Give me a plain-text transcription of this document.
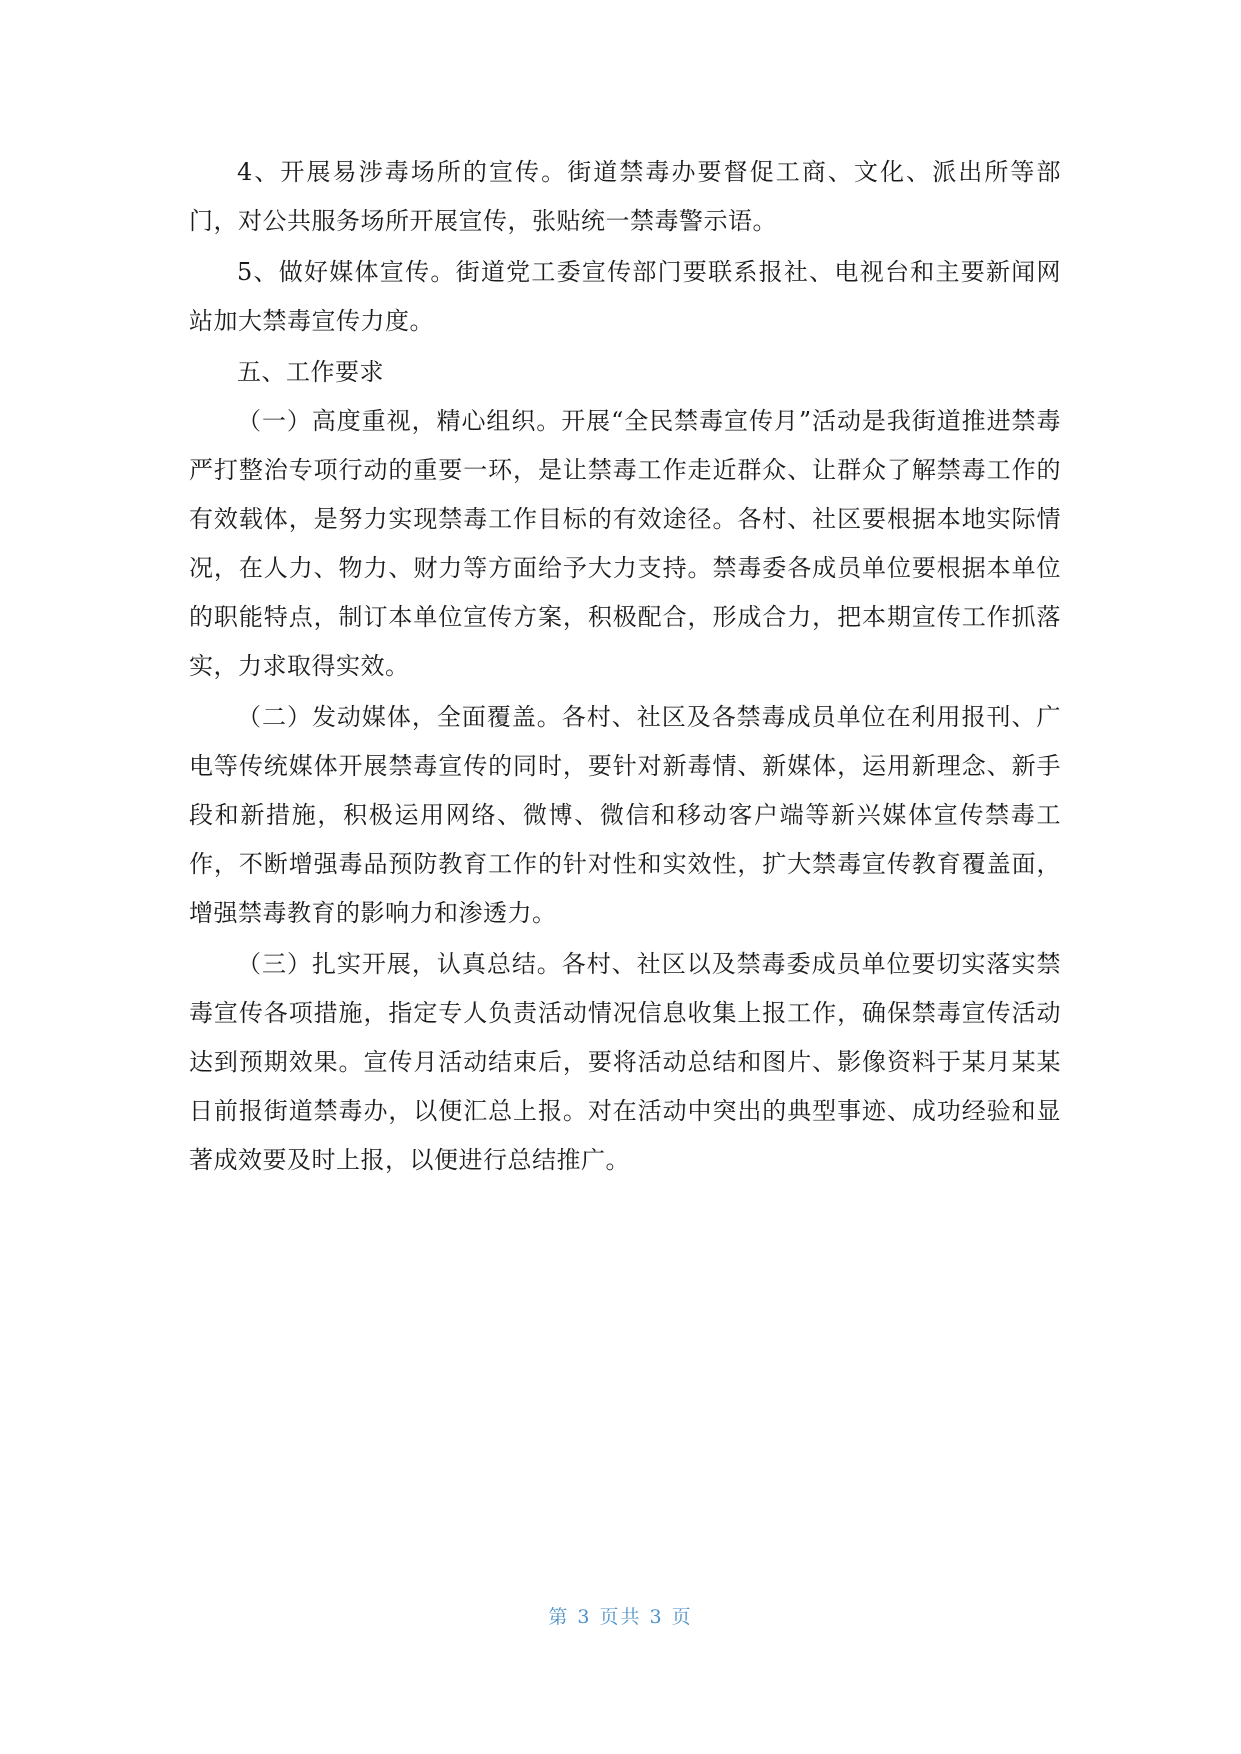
4、开展易涉毒场所的宣传。街道禁毒办要督促工商、文化、派出所等部门，对公共服务场所开展宣传，张贴统一禁毒警示语。

5、做好媒体宣传。街道党工委宣传部门要联系报社、电视台和主要新闻网站加大禁毒宣传力度。

五、工作要求

（一）高度重视，精心组织。开展“全民禁毒宣传月”活动是我街道推进禁毒严打整治专项行动的重要一环，是让禁毒工作走近群众、让群众了解禁毒工作的有效载体，是努力实现禁毒工作目标的有效途径。各村、社区要根据本地实际情况，在人力、物力、财力等方面给予大力支持。禁毒委各成员单位要根据本单位的职能特点，制订本单位宣传方案，积极配合，形成合力，把本期宣传工作抓落实，力求取得实效。

（二）发动媒体，全面覆盖。各村、社区及各禁毒成员单位在利用报刊、广电等传统媒体开展禁毒宣传的同时，要针对新毒情、新媒体，运用新理念、新手段和新措施，积极运用网络、微博、微信和移动客户端等新兴媒体宣传禁毒工作，不断增强毒品预防教育工作的针对性和实效性，扩大禁毒宣传教育覆盖面，增强禁毒教育的影响力和渗透力。

（三）扎实开展，认真总结。各村、社区以及禁毒委成员单位要切实落实禁毒宣传各项措施，指定专人负责活动情况信息收集上报工作，确保禁毒宣传活动达到预期效果。宣传月活动结束后，要将活动总结和图片、影像资料于某月某某日前报街道禁毒办，以便汇总上报。对在活动中突出的典型事迹、成功经验和显著成效要及时上报，以便进行总结推广。

第 3 页共 3 页
